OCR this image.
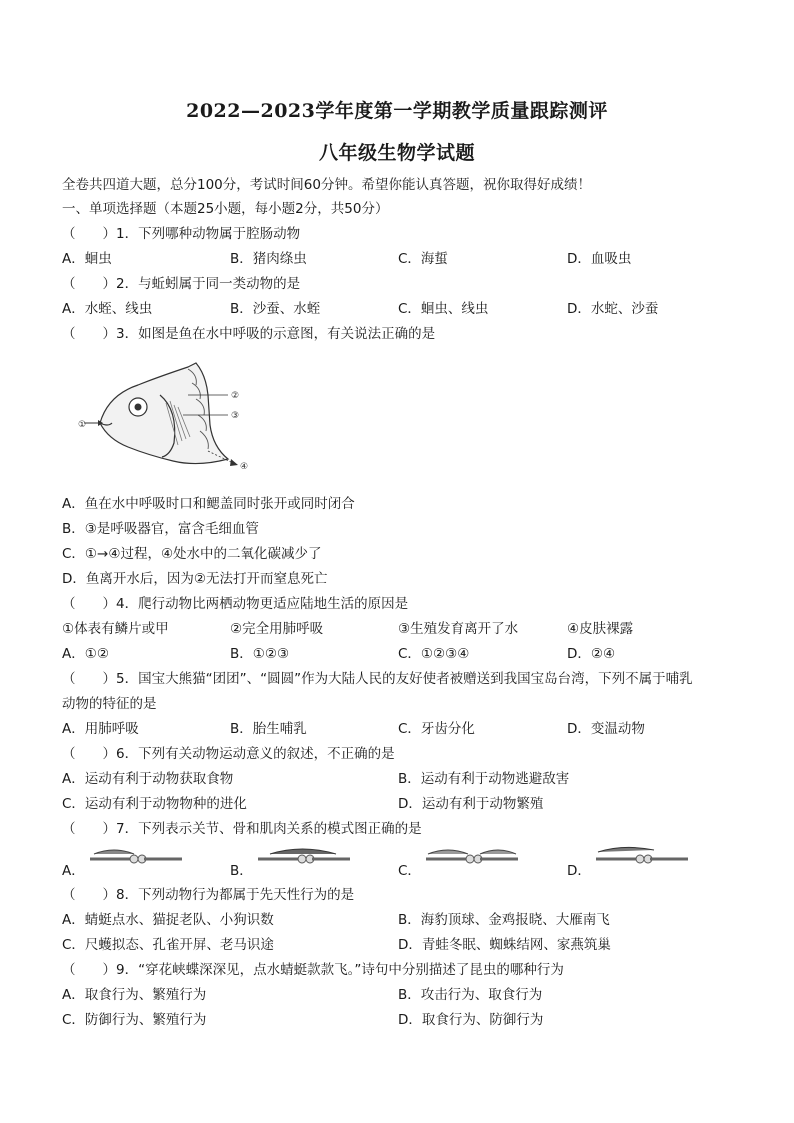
2022—2023学年度第一学期教学质量跟踪测评
八年级生物学试题
全卷共四道大题，总分100分，考试时间60分钟。希望你能认真答题，祝你取得好成绩！
一、单项选择题（本题25小题，每小题2分，共50分）
（　　）1．下列哪种动物属于腔肠动物
A．蛔虫	B．猪肉绦虫	C．海蜇	D．血吸虫
（　　）2．与蚯蚓属于同一类动物的是
A．水蛭、线虫	B．沙蚕、水蛭	C．蛔虫、线虫	D．水蛇、沙蚕
（　　）3．如图是鱼在水中呼吸的示意图，有关说法正确的是
①
②
③
④
A．鱼在水中呼吸时口和鳃盖同时张开或同时闭合
B．③是呼吸器官，富含毛细血管
C．①→④过程，④处水中的二氧化碳减少了
D．鱼离开水后，因为②无法打开而窒息死亡
（　　）4．爬行动物比两栖动物更适应陆地生活的原因是
①体表有鳞片或甲	②完全用肺呼吸	③生殖发育离开了水	④皮肤裸露
A．①②	B．①②③	C．①②③④	D．②④
（　　）5．国宝大熊猫“团团”、“圆圆”作为大陆人民的友好使者被赠送到我国宝岛台湾，下列不属于哺乳
动物的特征的是
A．用肺呼吸	B．胎生哺乳	C．牙齿分化	D．变温动物
（　　）6．下列有关动物运动意义的叙述，不正确的是
A．运动有利于动物获取食物	B．运动有利于动物逃避敌害
C．运动有利于动物物种的进化	D．运动有利于动物繁殖
（　　）7．下列表示关节、骨和肌肉关系的模式图正确的是
A．	B．	C．	D．
（　　）8．下列动物行为都属于先天性行为的是
A．蜻蜓点水、猫捉老队、小狗识数	B．海豹顶球、金鸡报晓、大雁南飞
C．尺蠖拟态、孔雀开屏、老马识途	D．青蛙冬眠、蜘蛛结网、家燕筑巢
（　　）9．“穿花峡蝶深深见，点水蜻蜓款款飞。”诗句中分别描述了昆虫的哪种行为
A．取食行为、繁殖行为	B．攻击行为、取食行为
C．防御行为、繁殖行为	D．取食行为、防御行为
